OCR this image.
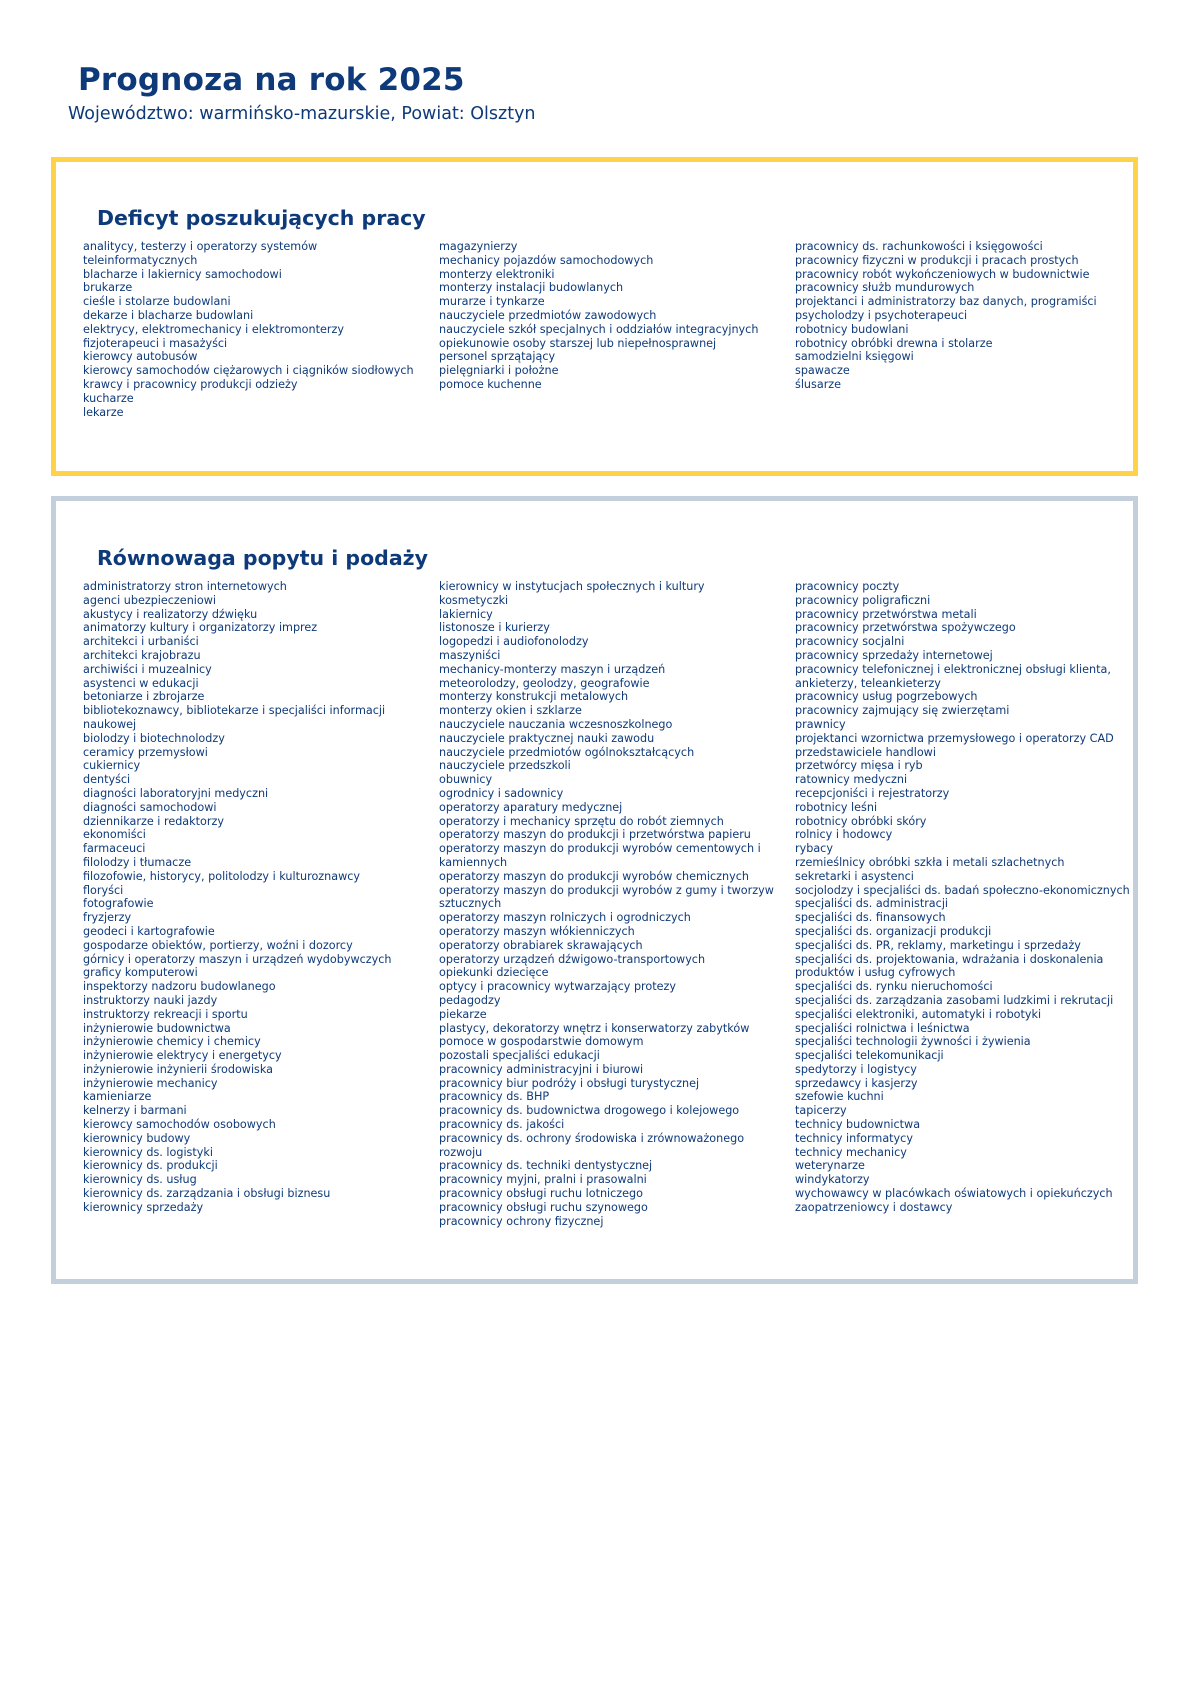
Prognoza na rok 2025

Województwo: warmińsko-mazurskie, Powiat: Olsztyn

Deficyt poszukujących pracy
analitycy, testerzy i operatorzy systemów
teleinformatycznych
blacharze i lakiernicy samochodowi
brukarze
cieśle i stolarze budowlani
dekarze i blacharze budowlani
elektrycy, elektromechanicy i elektromonterzy
fizjoterapeuci i masażyści
kierowcy autobusów
kierowcy samochodów ciężarowych i ciągników siodłowych
krawcy i pracownicy produkcji odzieży
kucharze
lekarze
magazynierzy
mechanicy pojazdów samochodowych
monterzy elektroniki
monterzy instalacji budowlanych
murarze i tynkarze
nauczyciele przedmiotów zawodowych
nauczyciele szkół specjalnych i oddziałów integracyjnych
opiekunowie osoby starszej lub niepełnosprawnej
personel sprzątający
pielęgniarki i położne
pomoce kuchenne
pracownicy ds. rachunkowości i księgowości
pracownicy fizyczni w produkcji i pracach prostych
pracownicy robót wykończeniowych w budownictwie
pracownicy służb mundurowych
projektanci i administratorzy baz danych, programiści
psycholodzy i psychoterapeuci
robotnicy budowlani
robotnicy obróbki drewna i stolarze
samodzielni księgowi
spawacze
ślusarze
Równowaga popytu i podaży
administratorzy stron internetowych
agenci ubezpieczeniowi
akustycy i realizatorzy dźwięku
animatorzy kultury i organizatorzy imprez
architekci i urbaniści
architekci krajobrazu
archiwiści i muzealnicy
asystenci w edukacji
betoniarze i zbrojarze
bibliotekoznawcy, bibliotekarze i specjaliści informacji
naukowej
biolodzy i biotechnolodzy
ceramicy przemysłowi
cukiernicy
dentyści
diagności laboratoryjni medyczni
diagności samochodowi
dziennikarze i redaktorzy
ekonomiści
farmaceuci
filolodzy i tłumacze
filozofowie, historycy, politolodzy i kulturoznawcy
floryści
fotografowie
fryzjerzy
geodeci i kartografowie
gospodarze obiektów, portierzy, woźni i dozorcy
górnicy i operatorzy maszyn i urządzeń wydobywczych
graficy komputerowi
inspektorzy nadzoru budowlanego
instruktorzy nauki jazdy
instruktorzy rekreacji i sportu
inżynierowie budownictwa
inżynierowie chemicy i chemicy
inżynierowie elektrycy i energetycy
inżynierowie inżynierii środowiska
inżynierowie mechanicy
kamieniarze
kelnerzy i barmani
kierowcy samochodów osobowych
kierownicy budowy
kierownicy ds. logistyki
kierownicy ds. produkcji
kierownicy ds. usług
kierownicy ds. zarządzania i obsługi biznesu
kierownicy sprzedaży
kierownicy w instytucjach społecznych i kultury
kosmetyczki
lakiernicy
listonosze i kurierzy
logopedzi i audiofonolodzy
maszyniści
mechanicy-monterzy maszyn i urządzeń
meteorolodzy, geolodzy, geografowie
monterzy konstrukcji metalowych
monterzy okien i szklarze
nauczyciele nauczania wczesnoszkolnego
nauczyciele praktycznej nauki zawodu
nauczyciele przedmiotów ogólnokształcących
nauczyciele przedszkoli
obuwnicy
ogrodnicy i sadownicy
operatorzy aparatury medycznej
operatorzy i mechanicy sprzętu do robót ziemnych
operatorzy maszyn do produkcji i przetwórstwa papieru
operatorzy maszyn do produkcji wyrobów cementowych i
kamiennych
operatorzy maszyn do produkcji wyrobów chemicznych
operatorzy maszyn do produkcji wyrobów z gumy i tworzyw
sztucznych
operatorzy maszyn rolniczych i ogrodniczych
operatorzy maszyn włókienniczych
operatorzy obrabiarek skrawających
operatorzy urządzeń dźwigowo-transportowych
opiekunki dziecięce
optycy i pracownicy wytwarzający protezy
pedagodzy
piekarze
plastycy, dekoratorzy wnętrz i konserwatorzy zabytków
pomoce w gospodarstwie domowym
pozostali specjaliści edukacji
pracownicy administracyjni i biurowi
pracownicy biur podróży i obsługi turystycznej
pracownicy ds. BHP
pracownicy ds. budownictwa drogowego i kolejowego
pracownicy ds. jakości
pracownicy ds. ochrony środowiska i zrównoważonego
rozwoju
pracownicy ds. techniki dentystycznej
pracownicy myjni, pralni i prasowalni
pracownicy obsługi ruchu lotniczego
pracownicy obsługi ruchu szynowego
pracownicy ochrony fizycznej
pracownicy poczty
pracownicy poligraficzni
pracownicy przetwórstwa metali
pracownicy przetwórstwa spożywczego
pracownicy socjalni
pracownicy sprzedaży internetowej
pracownicy telefonicznej i elektronicznej obsługi klienta,
ankieterzy, teleankieterzy
pracownicy usług pogrzebowych
pracownicy zajmujący się zwierzętami
prawnicy
projektanci wzornictwa przemysłowego i operatorzy CAD
przedstawiciele handlowi
przetwórcy mięsa i ryb
ratownicy medyczni
recepcjoniści i rejestratorzy
robotnicy leśni
robotnicy obróbki skóry
rolnicy i hodowcy
rybacy
rzemieślnicy obróbki szkła i metali szlachetnych
sekretarki i asystenci
socjolodzy i specjaliści ds. badań społeczno-ekonomicznych
specjaliści ds. administracji
specjaliści ds. finansowych
specjaliści ds. organizacji produkcji
specjaliści ds. PR, reklamy, marketingu i sprzedaży
specjaliści ds. projektowania, wdrażania i doskonalenia
produktów i usług cyfrowych
specjaliści ds. rynku nieruchomości
specjaliści ds. zarządzania zasobami ludzkimi i rekrutacji
specjaliści elektroniki, automatyki i robotyki
specjaliści rolnictwa i leśnictwa
specjaliści technologii żywności i żywienia
specjaliści telekomunikacji
spedytorzy i logistycy
sprzedawcy i kasjerzy
szefowie kuchni
tapicerzy
technicy budownictwa
technicy informatycy
technicy mechanicy
weterynarze
windykatorzy
wychowawcy w placówkach oświatowych i opiekuńczych
zaopatrzeniowcy i dostawcy
